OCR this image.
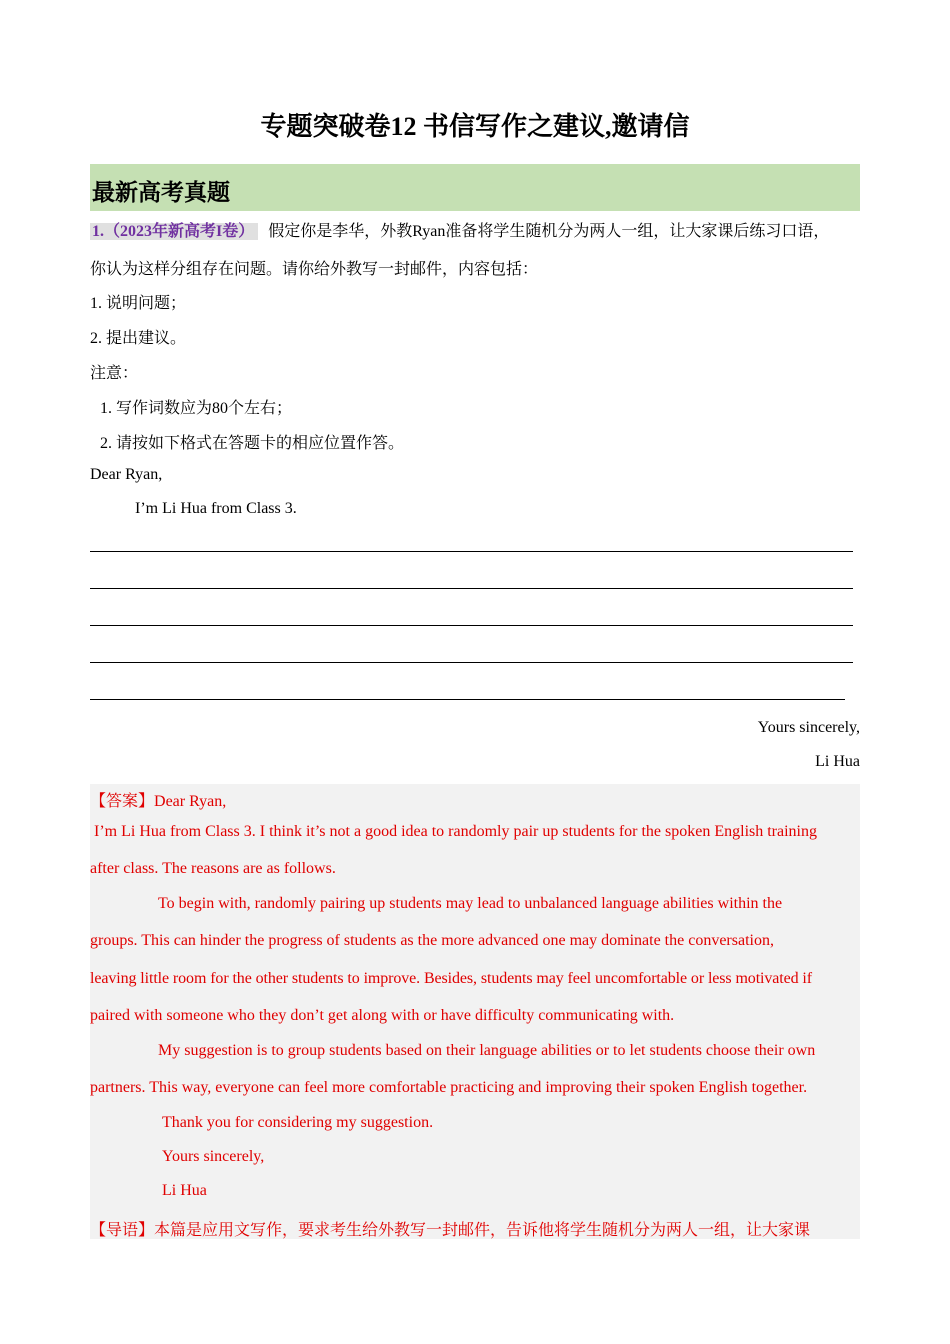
专题突破卷12 书信写作之建议,邀请信
最新高考真题
1.（2023年新高考I卷） 假定你是李华，外教Ryan准备将学生随机分为两人一组，让大家课后练习口语，
你认为这样分组存在问题。请你给外教写一封邮件，内容包括：
1. 说明问题；
2. 提出建议。
注意：
1. 写作词数应为80个左右；
2. 请按如下格式在答题卡的相应位置作答。
Dear Ryan,
I’m Li Hua from Class 3.
Yours sincerely,
Li Hua
【答案】Dear Ryan,
I’m Li Hua from Class 3. I think it’s not a good idea to randomly pair up students for the spoken English training
after class. The reasons are as follows.
To begin with, randomly pairing up students may lead to unbalanced language abilities within the
groups. This can hinder the progress of students as the more advanced one may dominate the conversation,
leaving little room for the other students to improve. Besides, students may feel uncomfortable or less motivated if
paired with someone who they don’t get along with or have difficulty communicating with.
My suggestion is to group students based on their language abilities or to let students choose their own
partners. This way, everyone can feel more comfortable practicing and improving their spoken English together.
Thank you for considering my suggestion.
Yours sincerely,
Li Hua
【导语】本篇是应用文写作，要求考生给外教写一封邮件，告诉他将学生随机分为两人一组，让大家课
